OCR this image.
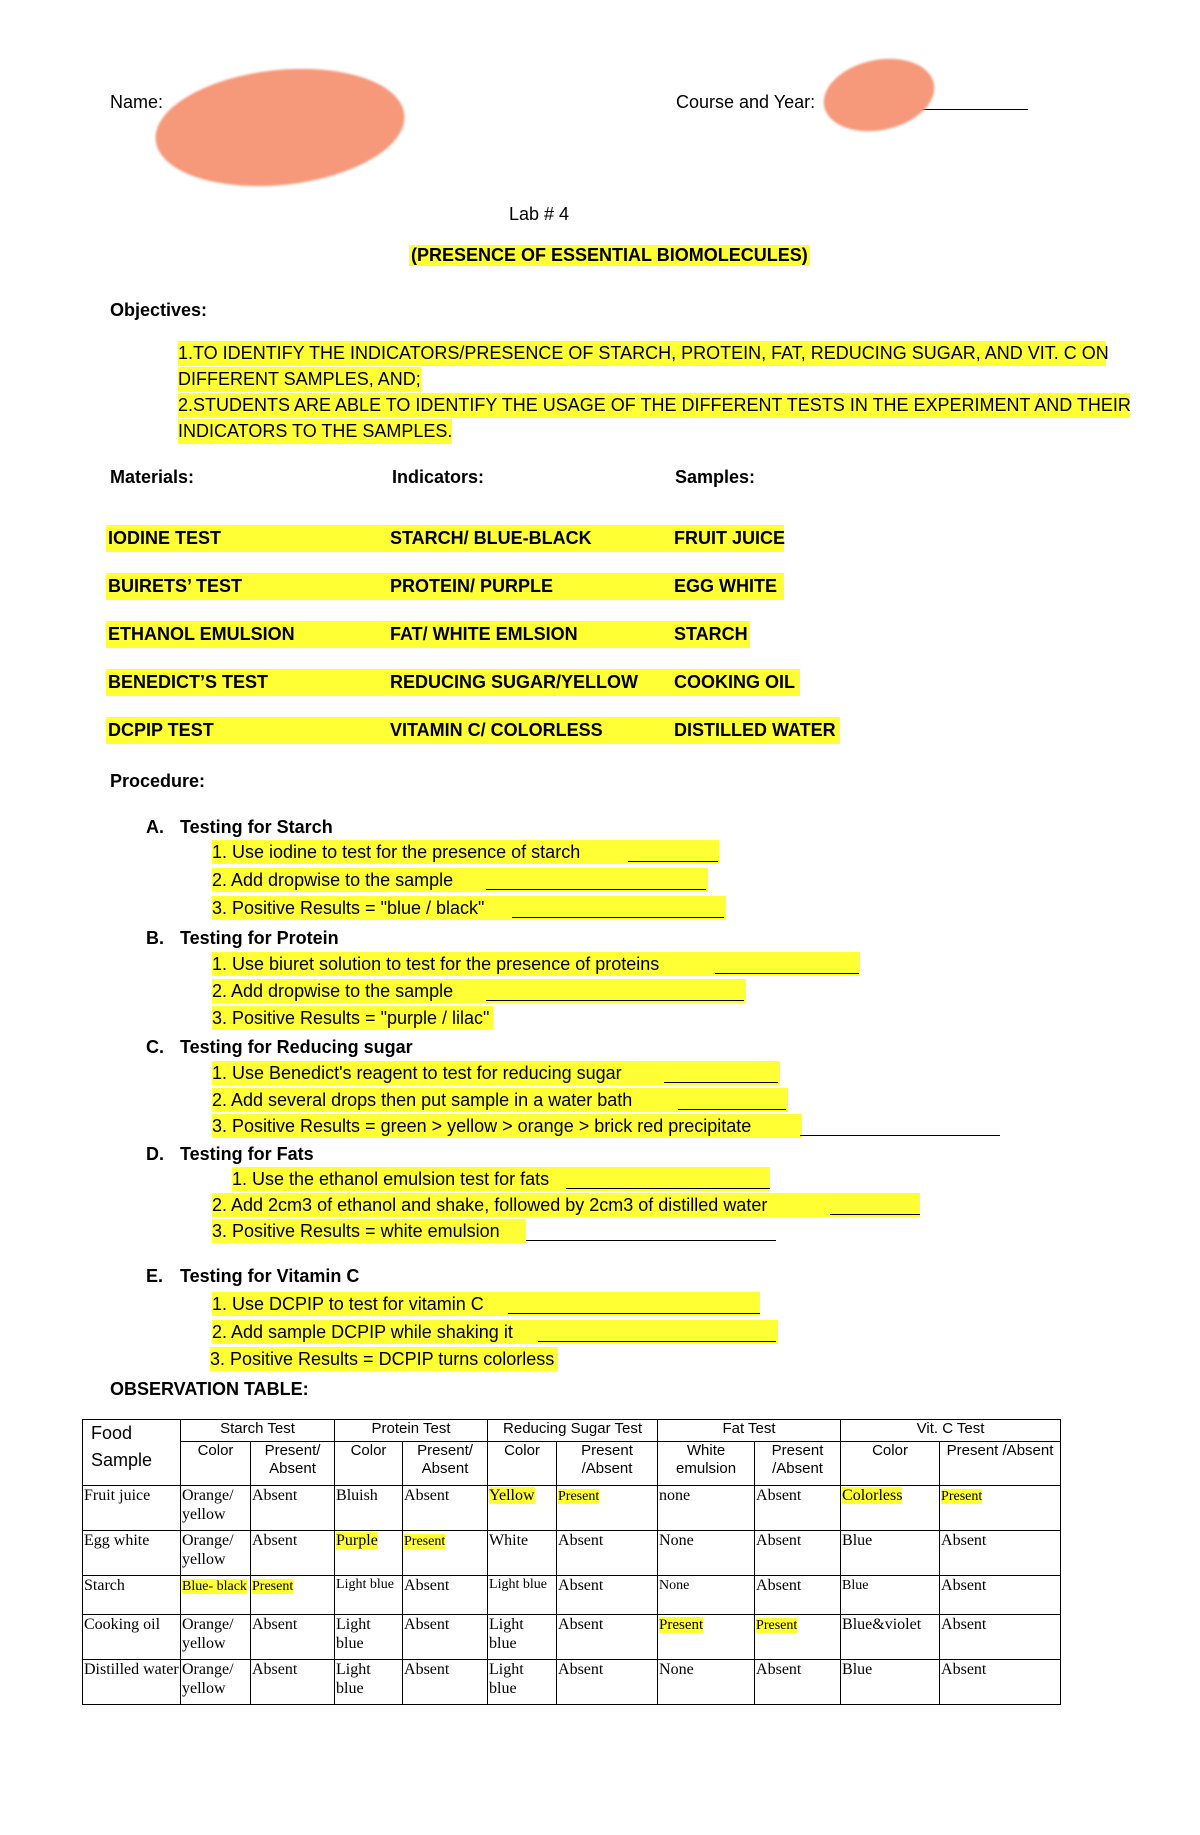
Name:	Course and Year:
Lab # 4
(PRESENCE OF ESSENTIAL BIOMOLECULES)
Objectives:
1.TO IDENTIFY THE INDICATORS/PRESENCE OF STARCH, PROTEIN, FAT, REDUCING SUGAR, AND VIT. C ON
DIFFERENT SAMPLES, AND;
2.STUDENTS ARE ABLE TO IDENTIFY THE USAGE OF THE DIFFERENT TESTS IN THE EXPERIMENT AND THEIR
INDICATORS TO THE SAMPLES.
Materials:	Indicators:	Samples:
IODINE TEST	STARCH/ BLUE-BLACK	FRUIT JUICE
BUIRETS’ TEST	PROTEIN/ PURPLE	EGG WHITE
ETHANOL EMULSION	FAT/ WHITE EMLSION	STARCH
BENEDICT’S TEST	REDUCING SUGAR/YELLOW	COOKING OIL
DCPIP TEST	VITAMIN C/ COLORLESS	DISTILLED WATER
Procedure:
A. Testing for Starch
1. Use iodine to test for the presence of starch
2. Add dropwise to the sample
3. Positive Results = "blue / black"
B. Testing for Protein
1. Use biuret solution to test for the presence of proteins
2. Add dropwise to the sample
3. Positive Results = "purple / lilac"
C. Testing for Reducing sugar
1. Use Benedict's reagent to test for reducing sugar
2. Add several drops then put sample in a water bath
3. Positive Results = green > yellow > orange > brick red precipitate
D. Testing for Fats
1. Use the ethanol emulsion test for fats
2. Add 2cm3 of ethanol and shake, followed by 2cm3 of distilled water
3. Positive Results = white emulsion
E. Testing for Vitamin C
1. Use DCPIP to test for vitamin C
2. Add sample DCPIP while shaking it
3. Positive Results = DCPIP turns colorless
OBSERVATION TABLE:
Food
Sample	Starch Test		Protein Test		Reducing Sugar Test		Fat Test		Vit. C Test	
	Color	Present/ Absent	Color	Present/ Absent	Color	Present /Absent	White emulsion	Present /Absent	Color	Present /Absent
Fruit juice	Orange/ yellow	Absent	Bluish	Absent	Yellow	Present	none	Absent	Colorless	Present
Egg white	Orange/ yellow	Absent	Purple	Present	White	Absent	None	Absent	Blue	Absent
Starch	Blue- black	Present	Light blue	Absent	Light blue	Absent	None	Absent	Blue	Absent
Cooking oil	Orange/ yellow	Absent	Light blue	Absent	Light blue	Absent	Present	Present	Blue&violet	Absent
Distilled water	Orange/ yellow	Absent	Light blue	Absent	Light blue	Absent	None	Absent	Blue	Absent
